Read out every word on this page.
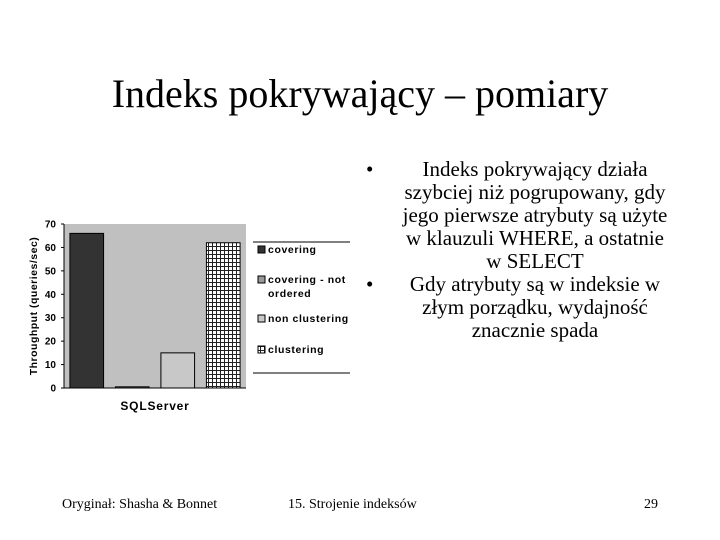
Indeks pokrywający – pomiary
0
10
20
30
40
50
60
70
Throughput (queries/sec)
SQLServer
covering
covering - not ordered
non clustering
clustering
•	Indeks pokrywający działa szybciej niż pogrupowany, gdy jego pierwsze atrybuty są użyte w klauzuli WHERE, a ostatnie w SELECT
•	Gdy atrybuty są w indeksie w złym porządku, wydajność znacznie spada
Oryginał: Shasha & Bonnet	15. Strojenie indeksów	29
